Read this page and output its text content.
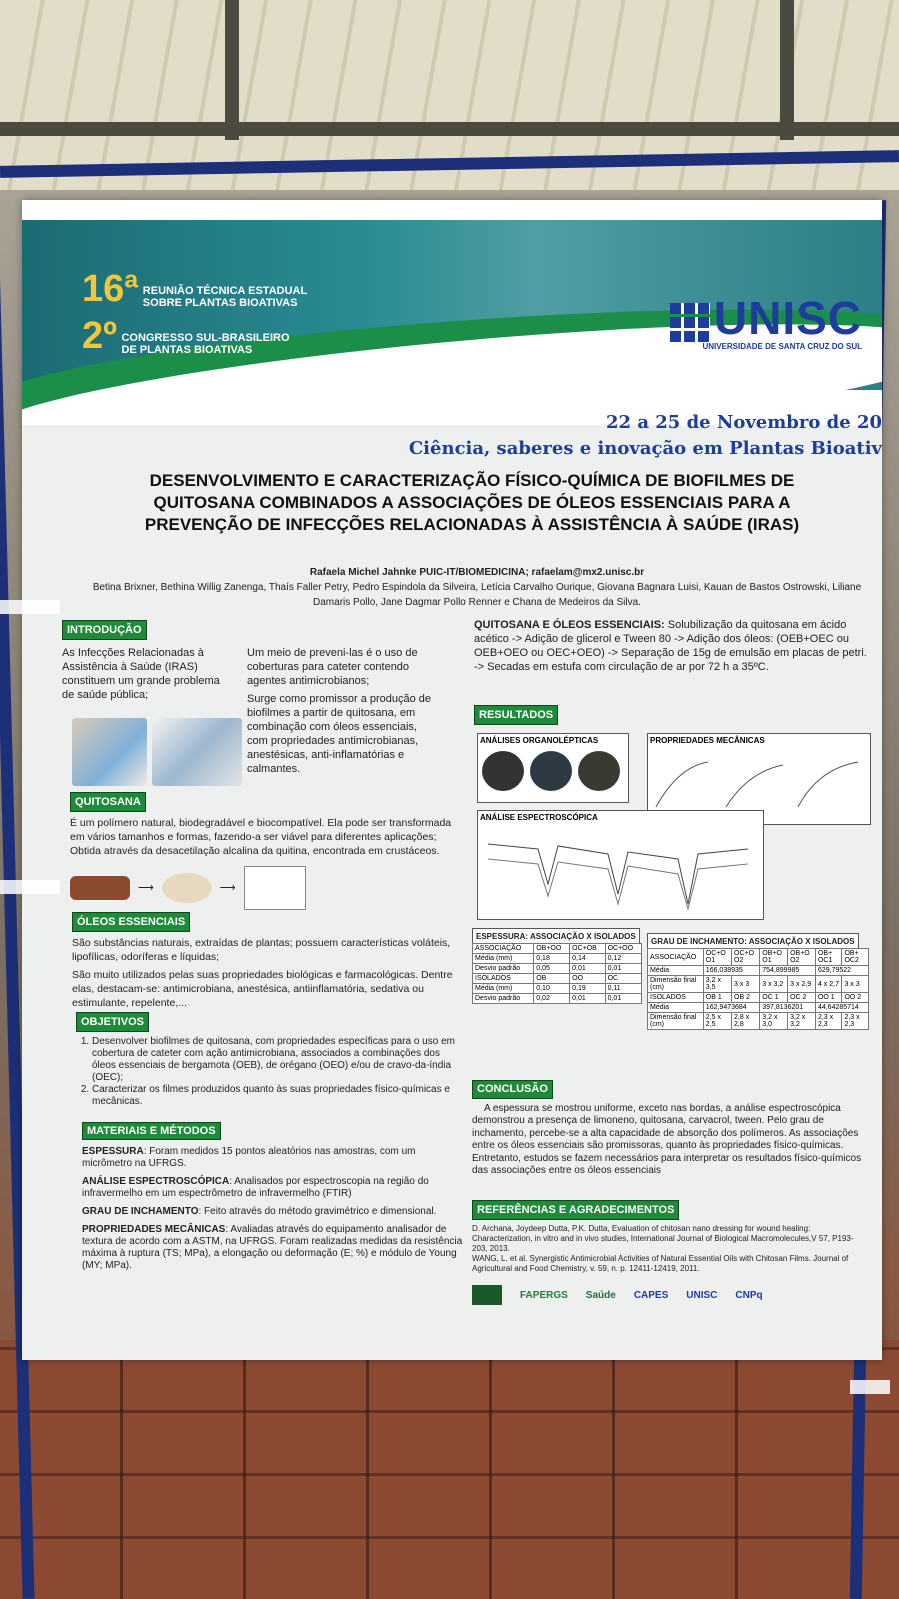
16ª REUNIÃO TÉCNICA ESTADUAL
SOBRE PLANTAS BIOATIVAS
2º CONGRESSO SUL-BRASILEIRO
DE PLANTAS BIOATIVAS
UNISC
UNIVERSIDADE DE SANTA CRUZ DO SUL
22 a 25 de Novembro de 20
Ciência, saberes e inovação em Plantas Bioativ
DESENVOLVIMENTO E CARACTERIZAÇÃO FÍSICO-QUÍMICA DE BIOFILMES DE QUITOSANA COMBINADOS A ASSOCIAÇÕES DE ÓLEOS ESSENCIAIS PARA A PREVENÇÃO DE INFECÇÕES RELACIONADAS À ASSISTÊNCIA À SAÚDE (IRAS)
Rafaela Michel Jahnke PUIC-IT/BIOMEDICINA; rafaelam@mx2.unisc.br
Betina Brixner, Bethina Willig Zanenga, Thaís Faller Petry, Pedro Espindola da Silveira, Letícia Carvalho Ourique, Giovana Bagnara Luisi, Kauan de Bastos Ostrowski, Liliane Damaris Pollo, Jane Dagmar Pollo Renner e Chana de Medeiros da Silva.
INTRODUÇÃO
As Infecções Relacionadas à Assistência à Saúde (IRAS) constituem um grande problema de saúde pública;
Um meio de preveni-las é o uso de coberturas para cateter contendo agentes antimicrobianos;
Surge como promissor a produção de biofilmes a partir de quitosana, em combinação com óleos essenciais, com propriedades antimicrobianas, anestésicas, anti-inflamatórias e calmantes.
QUITOSANA
É um polímero natural, biodegradável e biocompatível. Ela pode ser transformada em vários tamanhos e formas, fazendo-a ser viável para diferentes aplicações; Obtida através da desacetilação alcalina da quitina, encontrada em crustáceos.
⟶	⟶
ÓLEOS ESSENCIAIS
São substâncias naturais, extraídas de plantas; possuem características voláteis, lipofílicas, odoríferas e líquidas;
São muito utilizados pelas suas propriedades biológicas e farmacológicas. Dentre elas, destacam-se: antimicrobiana, anestésica, antiinflamatória, sedativa ou estimulante, repelente,...
OBJETIVOS
1. Desenvolver biofilmes de quitosana, com propriedades específicas para o uso em cobertura de cateter com ação antimicrobiana, associados a combinações dos óleos essenciais de bergamota (OEB), de orégano (OEO) e/ou de cravo-da-índia (OEC);
2. Caracterizar os filmes produzidos quanto às suas propriedades físico-químicas e mecânicas.
MATERIAIS E MÉTODOS
ESPESSURA: Foram medidos 15 pontos aleatórios nas amostras, com um micrômetro na UFRGS.
ANÁLISE ESPECTROSCÓPICA: Analisados por espectroscopia na região do infravermelho em um espectrômetro de infravermelho (FTIR)
GRAU DE INCHAMENTO: Feito através do método gravimétrico e dimensional.
PROPRIEDADES MECÂNICAS: Avaliadas através do equipamento analisador de textura de acordo com a ASTM, na UFRGS. Foram realizadas medidas da resistência máxima à ruptura (TS; MPa), a elongação ou deformação (E; %) e módulo de Young (MY; MPa).
QUITOSANA E ÓLEOS ESSENCIAIS: Solubilização da quitosana em ácido acético -> Adição de glicerol e Tween 80 -> Adição dos óleos: (OEB+OEC ou OEB+OEO ou OEC+OEO) -> Separação de 15g de emulsão em placas de petri. -> Secadas em estufa com circulação de ar por 72 h a 35ºC.
RESULTADOS
ANÁLISES ORGANOLÉPTICAS	PROPRIEDADES MECÂNICAS
ANÁLISE ESPECTROSCÓPICA
ESPESSURA: ASSOCIAÇÃO X ISOLADOS
ASSOCIAÇÃO	OB+OO	OC+OB	OC+OO
Média (mm)	0,18	0,14	0,12
Desvio padrão	0,05	0,01	0,01
ISOLADOS	OB	OO	OC
Média (mm)	0,10	0,19	0,11
Desvio padrão	0,02	0,01	0,01
GRAU DE INCHAMENTO: ASSOCIAÇÃO X ISOLADOS
ASSOCIAÇÃO	OC+O O1	OC+O O2	OB+O O1	OB+O O2	OB+ OC1	OB+ OC2
Média	166,038935		754,899985		629,79522	
Dimensão final (cm)	3,2 x 3,5	3 x 3	3 x 3,2	3 x 2,9	4 x 2,7	3 x 3
ISOLADOS	OB 1	OB 2	OC 1	OC 2	OO 1	OO 2
Média	162,9473684		397,8136201		44,64285714	
Dimensão final (cm)	2,5 x 2,5	2,8 x 2,8	3,2 x 3,0	3,2 x 3,2	2,3 x 2,3	2,3 x 2,3
CONCLUSÃO
A espessura se mostrou uniforme, exceto nas bordas, a análise espectroscópica demonstrou a presença de limoneno, quitosana, carvacrol, tween. Pelo grau de inchamento, percebe-se a alta capacidade de absorção dos polímeros. As associações entre os óleos essenciais são promissoras, quanto às propriedades físico-químicas. Entretanto, estudos se fazem necessários para interpretar os resultados físico-químicos das associações entre os óleos essenciais
REFERÊNCIAS E AGRADECIMENTOS
D. Archana, Joydeep Dutta, P.K. Dutta, Evaluation of chitosan nano dressing for wound healing: Characterization, in vitro and in vivo studies, International Journal of Biological Macromolecules,V 57, P193-203, 2013.
WANG, L. et al. Synergistic Antimicrobial Activities of Natural Essential Oils with Chitosan Films. Journal of Agricultural and Food Chemistry, v. 59, n. p. 12411-12419, 2011.
FAPERGS Saúde CAPES UNISC CNPq
